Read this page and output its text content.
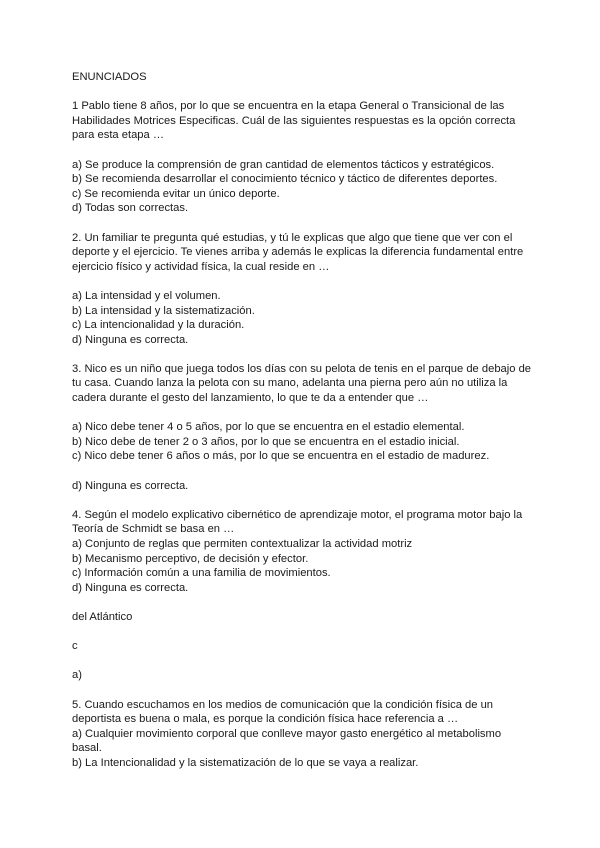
ENUNCIADOS

1 Pablo tiene 8 años, por lo que se encuentra en la etapa General o Transicional de las Habilidades Motrices Especificas. Cuál de las siguientes respuestas es la opción correcta para esta etapa …

a) Se produce la comprensión de gran cantidad de elementos tácticos y estratégicos.

b) Se recomienda desarrollar el conocimiento técnico y táctico de diferentes deportes.

c) Se recomienda evitar un único deporte.

d) Todas son correctas.

2. Un familiar te pregunta qué estudias, y tú le explicas que algo que tiene que ver con el deporte y el ejercicio. Te vienes arriba y además le explicas la diferencia fundamental entre ejercicio físico y actividad física, la cual reside en …

a) La intensidad y el volumen.

b) La intensidad y la sistematización.

c) La intencionalidad y la duración.

d) Ninguna es correcta.

3. Nico es un niño que juega todos los días con su pelota de tenis en el parque de debajo de tu casa. Cuando lanza la pelota con su mano, adelanta una pierna pero aún no utiliza la cadera durante el gesto del lanzamiento, lo que te da a entender que …

a) Nico debe tener 4 o 5 años, por lo que se encuentra en el estadio elemental.

b) Nico debe de tener 2 o 3 años, por lo que se encuentra en el estadio inicial.

c) Nico debe tener 6 años o más, por lo que se encuentra en el estadio de madurez.

d) Ninguna es correcta.

4. Según el modelo explicativo cibernético de aprendizaje motor, el programa motor bajo la Teoría de Schmidt se basa en …

a) Conjunto de reglas que permiten contextualizar la actividad motriz

b) Mecanismo perceptivo, de decisión y efector.

c) Información común a una familia de movimientos.

d) Ninguna es correcta.

del Atlántico

c

a)

5. Cuando escuchamos en los medios de comunicación que la condición física de un deportista es buena o mala, es porque la condición física hace referencia a …

a) Cualquier movimiento corporal que conlleve mayor gasto energético al metabolismo basal.

b) La Intencionalidad y la sistematización de lo que se vaya a realizar.
